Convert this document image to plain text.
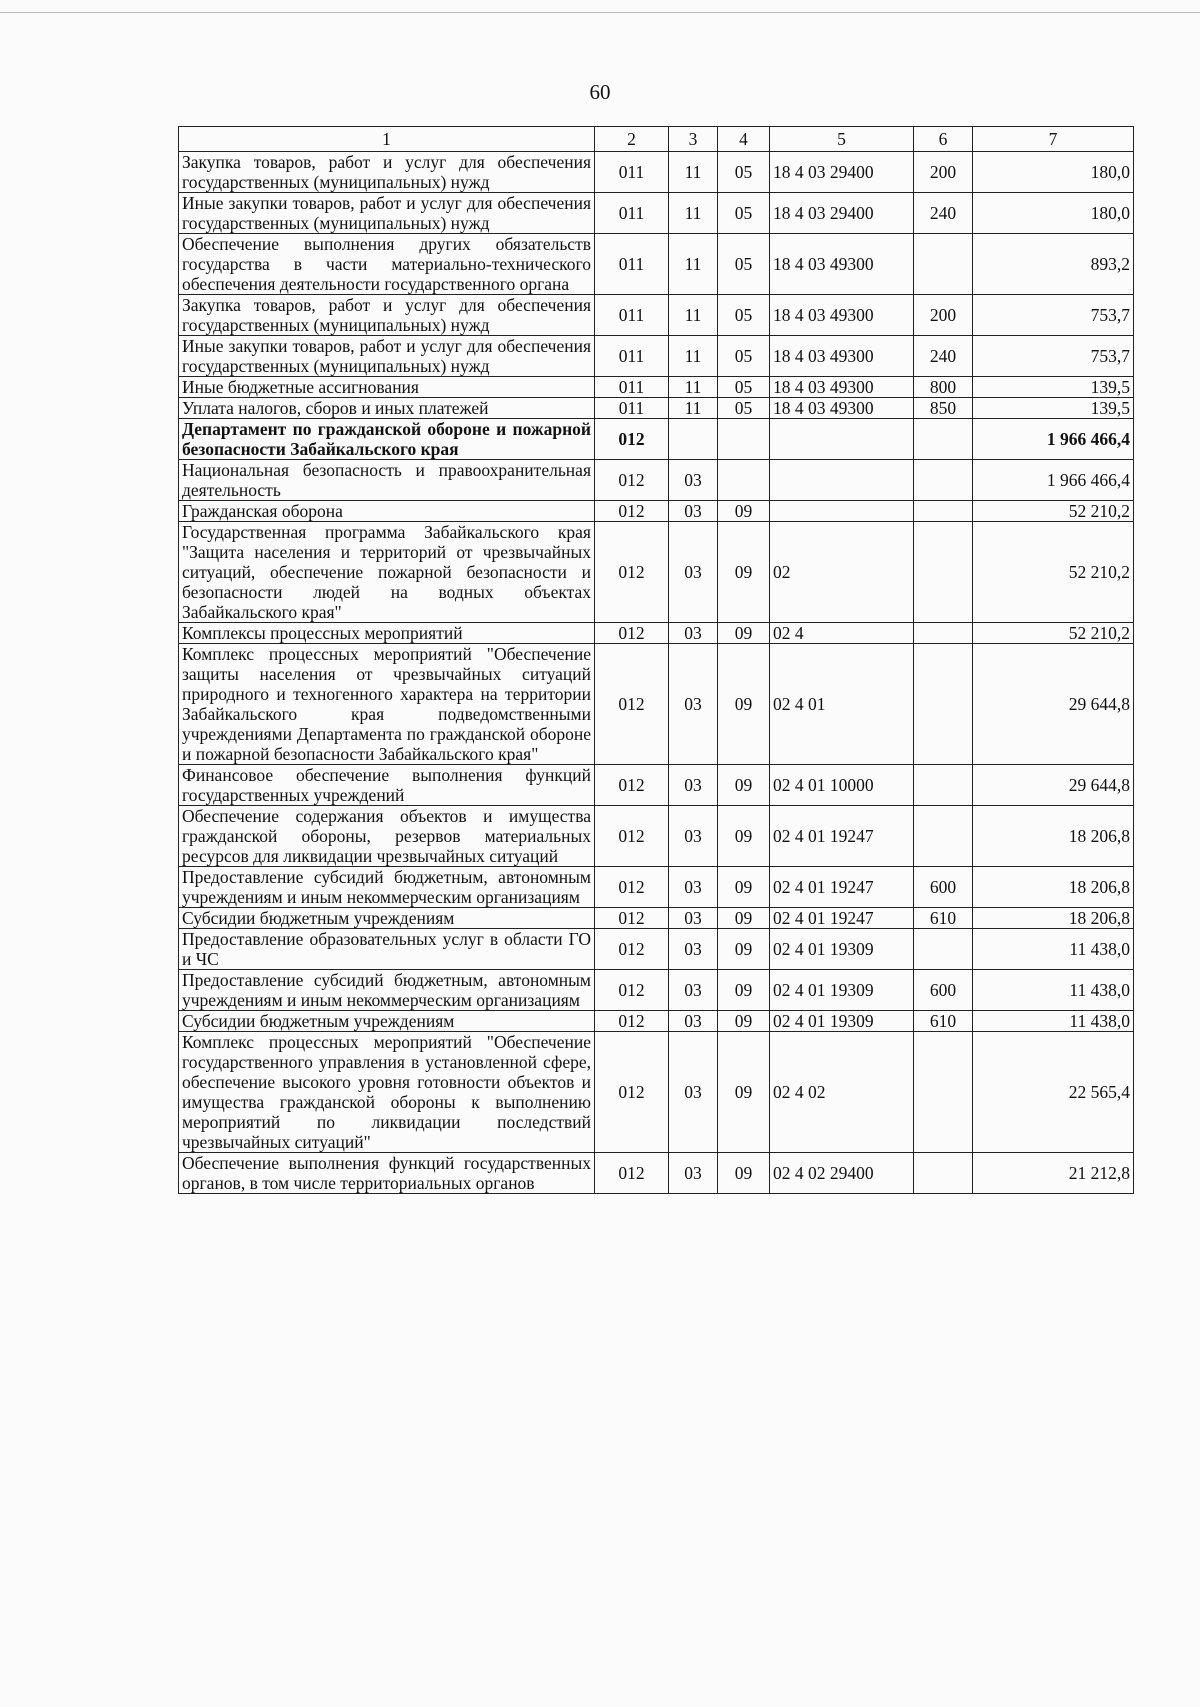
60
1	2	3	4	5	6	7
Закупка товаров, работ и услуг для обеспечения государственных (муниципальных) нужд	011	11	05	18 4 03 29400	200	180,0
Иные закупки товаров, работ и услуг для обеспечения государственных (муниципальных) нужд	011	11	05	18 4 03 29400	240	180,0
Обеспечение выполнения других обязательств государства в части материально-технического обеспечения деятельности государственного органа	011	11	05	18 4 03 49300		893,2
Закупка товаров, работ и услуг для обеспечения государственных (муниципальных) нужд	011	11	05	18 4 03 49300	200	753,7
Иные закупки товаров, работ и услуг для обеспечения государственных (муниципальных) нужд	011	11	05	18 4 03 49300	240	753,7
Иные бюджетные ассигнования	011	11	05	18 4 03 49300	800	139,5
Уплата налогов, сборов и иных платежей	011	11	05	18 4 03 49300	850	139,5
Департамент по гражданской обороне и пожарной безопасности Забайкальского края	012					1 966 466,4
Национальная безопасность и правоохранительная деятельность	012	03				1 966 466,4
Гражданская оборона	012	03	09			52 210,2
Государственная программа Забайкальского края "Защита населения и территорий от чрезвычайных ситуаций, обеспечение пожарной безопасности и безопасности людей на водных объектах Забайкальского края"	012	03	09	02		52 210,2
Комплексы процессных мероприятий	012	03	09	02 4		52 210,2
Комплекс процессных мероприятий "Обеспечение защиты населения от чрезвычайных ситуаций природного и техногенного характера на территории Забайкальского края подведомственными учреждениями Департамента по гражданской обороне и пожарной безопасности Забайкальского края"	012	03	09	02 4 01		29 644,8
Финансовое обеспечение выполнения функций государственных учреждений	012	03	09	02 4 01 10000		29 644,8
Обеспечение содержания объектов и имущества гражданской обороны, резервов материальных ресурсов для ликвидации чрезвычайных ситуаций	012	03	09	02 4 01 19247		18 206,8
Предоставление субсидий бюджетным, автономным учреждениям и иным некоммерческим организациям	012	03	09	02 4 01 19247	600	18 206,8
Субсидии бюджетным учреждениям	012	03	09	02 4 01 19247	610	18 206,8
Предоставление образовательных услуг в области ГО и ЧС	012	03	09	02 4 01 19309		11 438,0
Предоставление субсидий бюджетным, автономным учреждениям и иным некоммерческим организациям	012	03	09	02 4 01 19309	600	11 438,0
Субсидии бюджетным учреждениям	012	03	09	02 4 01 19309	610	11 438,0
Комплекс процессных мероприятий "Обеспечение государственного управления в установленной сфере, обеспечение высокого уровня готовности объектов и имущества гражданской обороны к выполнению мероприятий по ликвидации последствий чрезвычайных ситуаций"	012	03	09	02 4 02		22 565,4
Обеспечение выполнения функций государственных органов, в том числе территориальных органов	012	03	09	02 4 02 29400		21 212,8
